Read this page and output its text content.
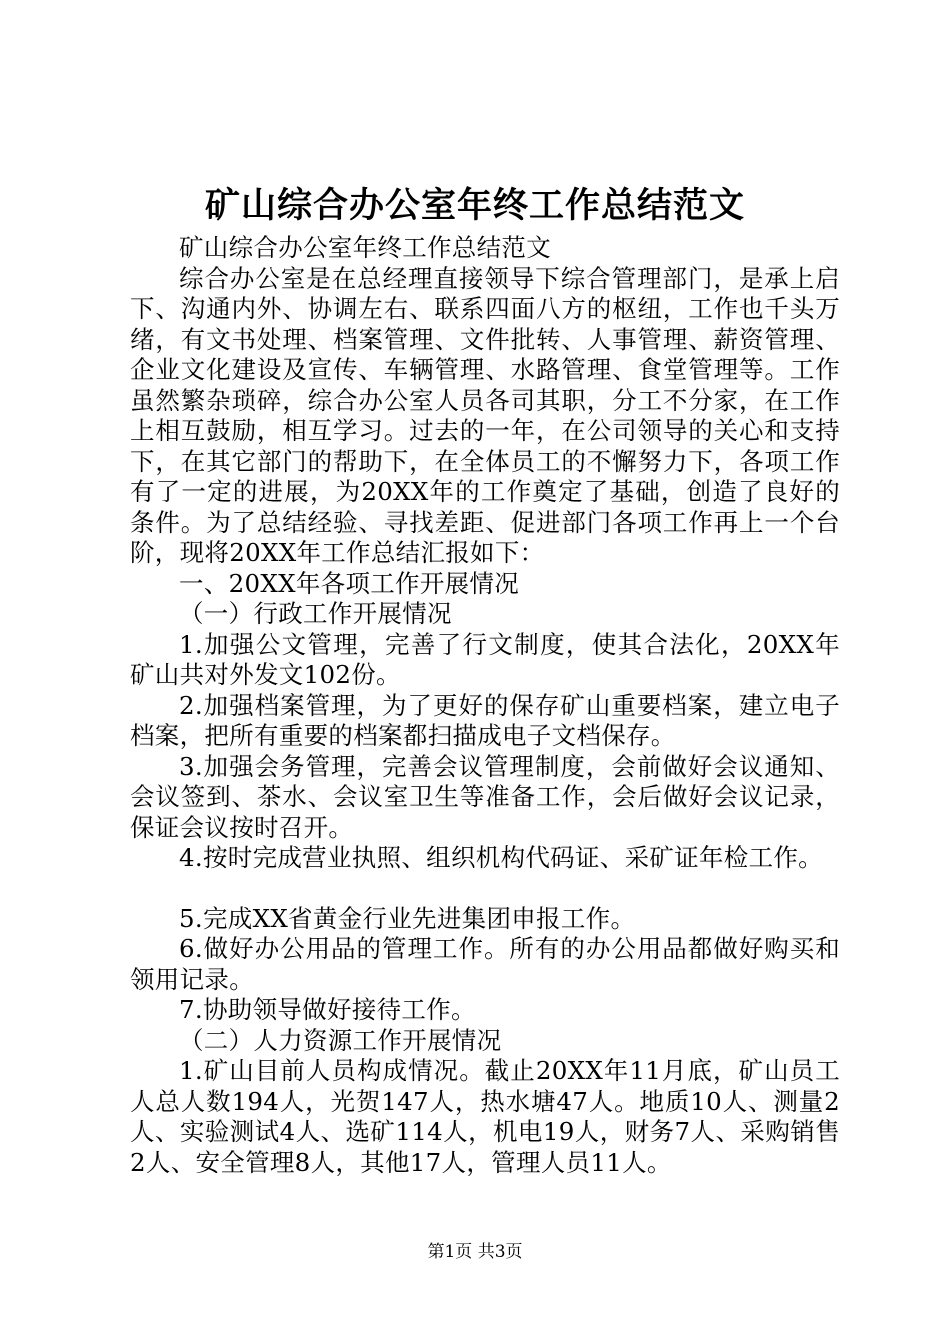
矿山综合办公室年终工作总结范文

矿山综合办公室年终工作总结范文

综合办公室是在总经理直接领导下综合管理部门，是承上启下、沟通内外、协调左右、联系四面八方的枢纽，工作也千头万绪，有文书处理、档案管理、文件批转、人事管理、薪资管理、企业文化建设及宣传、车辆管理、水路管理、食堂管理等。工作虽然繁杂琐碎，综合办公室人员各司其职，分工不分家，在工作上相互鼓励，相互学习。过去的一年，在公司领导的关心和支持下，在其它部门的帮助下，在全体员工的不懈努力下，各项工作有了一定的进展，为20XX年的工作奠定了基础，创造了良好的条件。为了总结经验、寻找差距、促进部门各项工作再上一个台阶，现将20XX年工作总结汇报如下：

一、20XX年各项工作开展情况

（一）行政工作开展情况

1.加强公文管理，完善了行文制度，使其合法化，20XX年矿山共对外发文102份。

2.加强档案管理，为了更好的保存矿山重要档案，建立电子档案，把所有重要的档案都扫描成电子文档保存。

3.加强会务管理，完善会议管理制度，会前做好会议通知、会议签到、茶水、会议室卫生等准备工作，会后做好会议记录，保证会议按时召开。

4.按时完成营业执照、组织机构代码证、采矿证年检工作。

5.完成XX省黄金行业先进集团申报工作。

6.做好办公用品的管理工作。所有的办公用品都做好购买和领用记录。

7.协助领导做好接待工作。

（二）人力资源工作开展情况

1.矿山目前人员构成情况。截止20XX年11月底，矿山员工人总人数194人，光贺147人，热水塘47人。地质10人、测量2人、实验测试4人、选矿114人，机电19人，财务7人、采购销售2人、安全管理8人，其他17人，管理人员11人。

第1页 共3页
